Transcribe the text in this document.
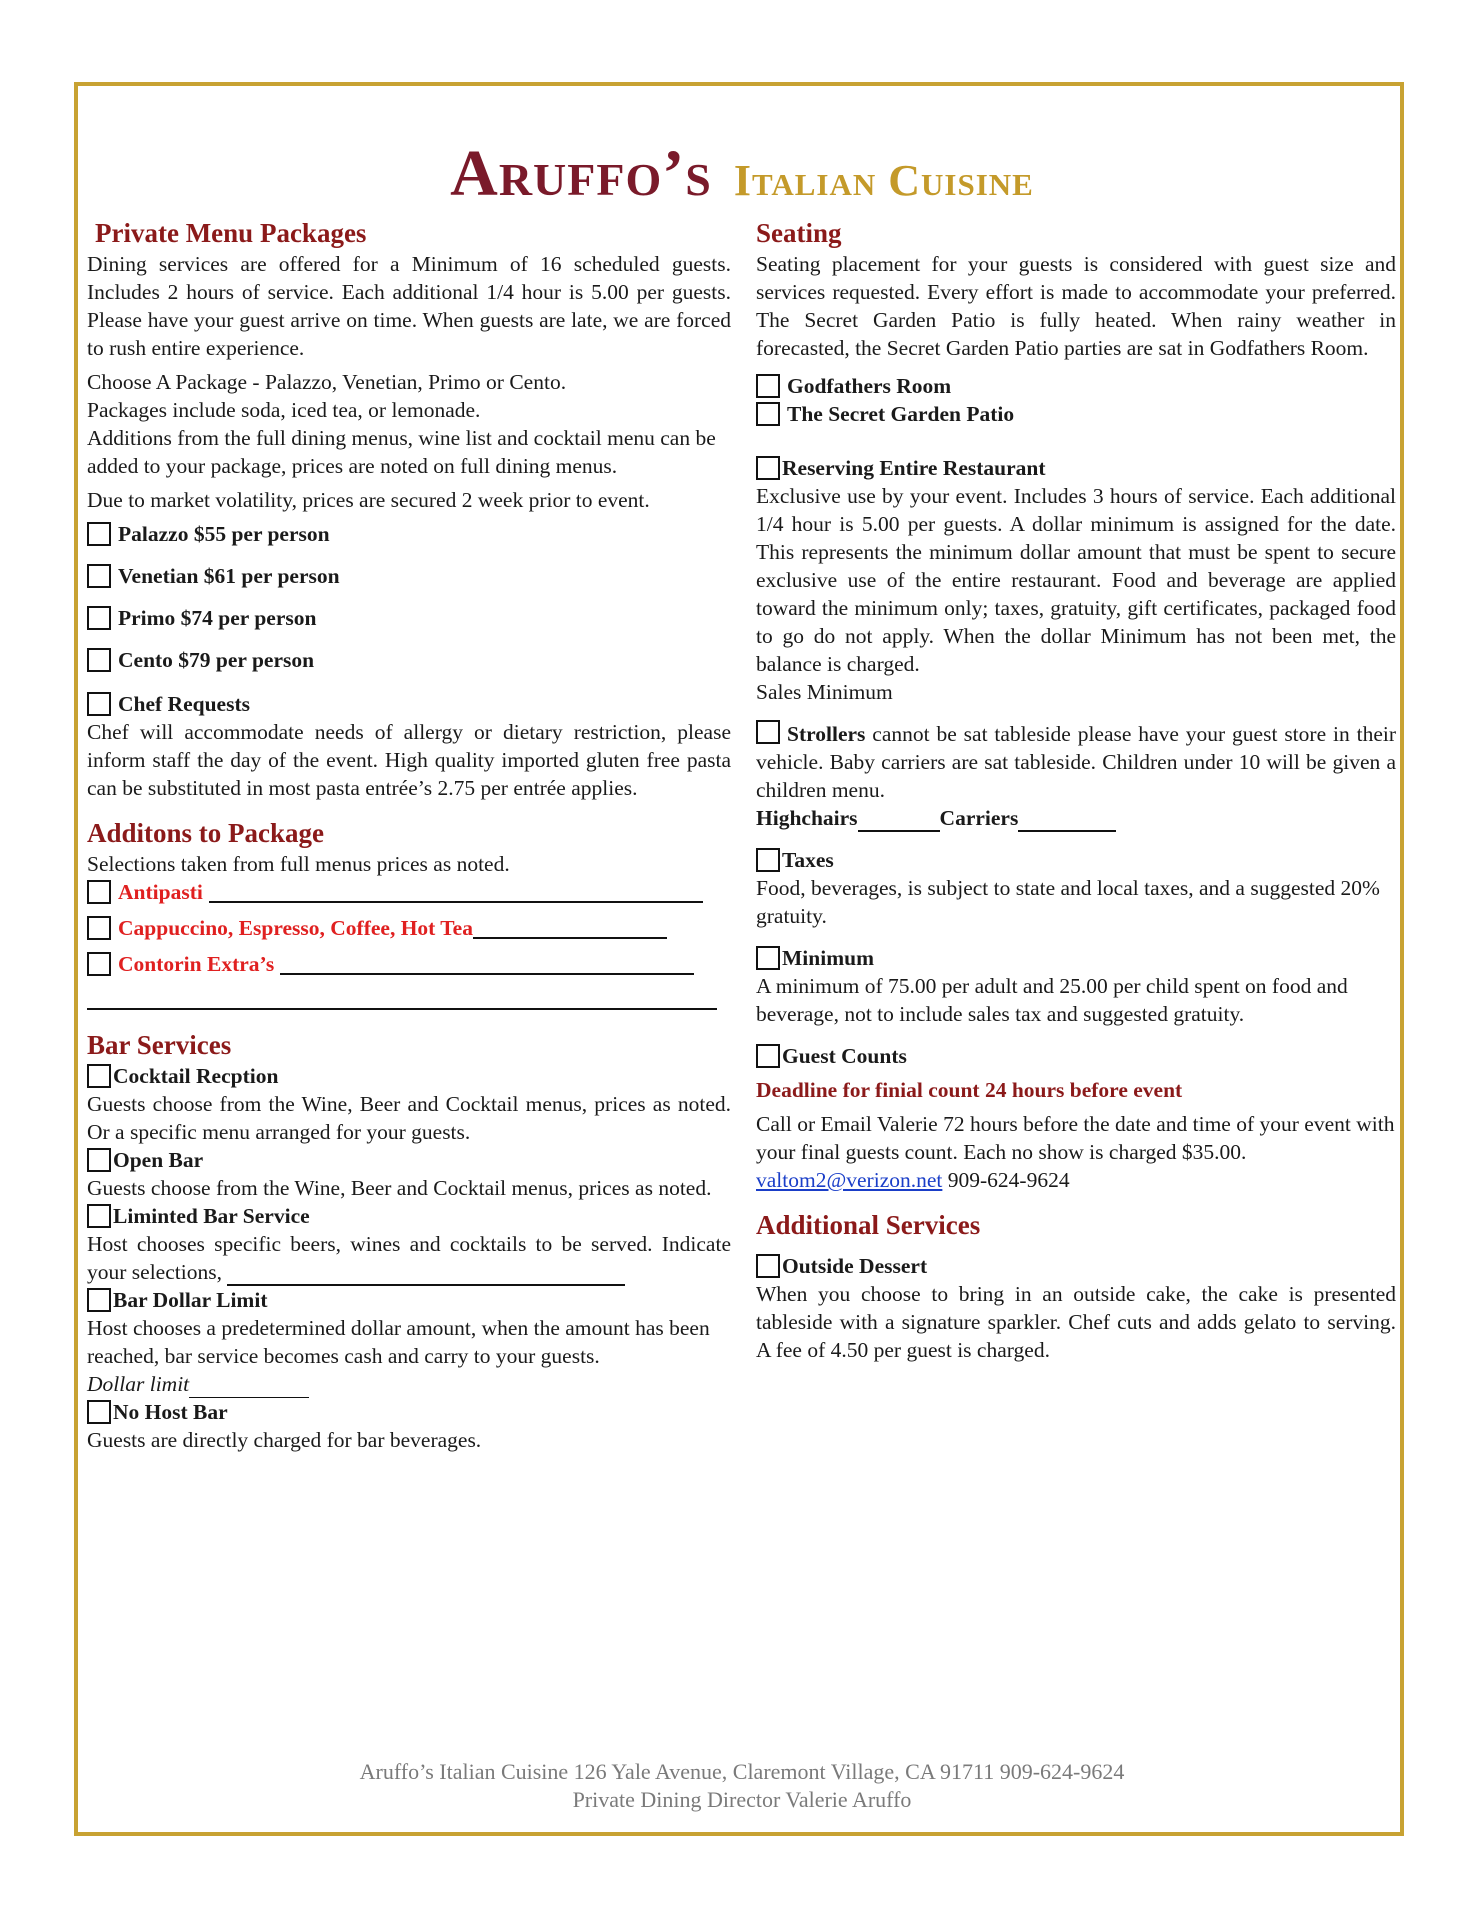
Aruffo’s Italian Cuisine
Private Menu Packages

Dining services are offered for a Minimum of 16 scheduled guests. Includes 2 hours of service. Each additional 1/4 hour is 5.00 per guests. Please have your guest arrive on time. When guests are late, we are forced to rush entire experience.

Choose A Package - Palazzo, Venetian, Primo or Cento.

Packages include soda, iced tea, or lemonade.

Additions from the full dining menus, wine list and cocktail menu can be added to your package, prices are noted on full dining menus.

Due to market volatility, prices are secured 2 week prior to event.

Palazzo $55 per person
Venetian $61 per person
Primo $74 per person
Cento $79 per person
Chef Requests

Chef will accommodate needs of allergy or dietary restriction, please inform staff the day of the event. High quality imported gluten free pasta can be substituted in most pasta entrée’s 2.75 per entrée applies.

Additons to Package

Selections taken from full menus prices as noted.

Antipasti
Cappuccino, Espresso, Coffee, Hot Tea
Contorin Extra’s
Bar Services
Cocktail Recption

Guests choose from the Wine, Beer and Cocktail menus, prices as noted. Or a specific menu arranged for your guests.

Open Bar

Guests choose from the Wine, Beer and Cocktail menus, prices as noted.

Liminted Bar Service

Host chooses specific beers, wines and cocktails to be served. Indicate your selections,

Bar Dollar Limit

Host chooses a predetermined dollar amount, when the amount has been reached, bar service becomes cash and carry to your guests.

Dollar limit

No Host Bar

Guests are directly charged for bar beverages.

Seating

Seating placement for your guests is considered with guest size and services requested. Every effort is made to accommodate your preferred. The Secret Garden Patio is fully heated. When rainy weather in forecasted, the Secret Garden Patio parties are sat in Godfathers Room.

Godfathers Room
The Secret Garden Patio
Reserving Entire Restaurant

Exclusive use by your event. Includes 3 hours of service. Each additional 1/4 hour is 5.00 per guests. A dollar minimum is assigned for the date. This represents the minimum dollar amount that must be spent to secure exclusive use of the entire restaurant. Food and beverage are applied toward the minimum only; taxes, gratuity, gift certificates, packaged food to go do not apply. When the dollar Minimum has not been met, the balance is charged.

Sales Minimum

Strollers cannot be sat tableside please have your guest store in their vehicle. Baby carriers are sat tableside. Children under 10 will be given a children menu.

Highchairs	Carriers

Taxes

Food, beverages, is subject to state and local taxes, and a suggested 20% gratuity.

Minimum

A minimum of 75.00 per adult and 25.00 per child spent on food and beverage, not to include sales tax and suggested gratuity.

Guest Counts

Deadline for finial count 24 hours before event

Call or Email Valerie 72 hours before the date and time of your event with your final guests count. Each no show is charged $35.00. valtom2@verizon.net 909-624-9624

Additional Services
Outside Dessert

When you choose to bring in an outside cake, the cake is presented tableside with a signature sparkler. Chef cuts and adds gelato to serving. A fee of 4.50 per guest is charged.

Aruffo’s Italian Cuisine 126 Yale Avenue, Claremont Village, CA 91711 909-624-9624
Private Dining Director Valerie Aruffo
